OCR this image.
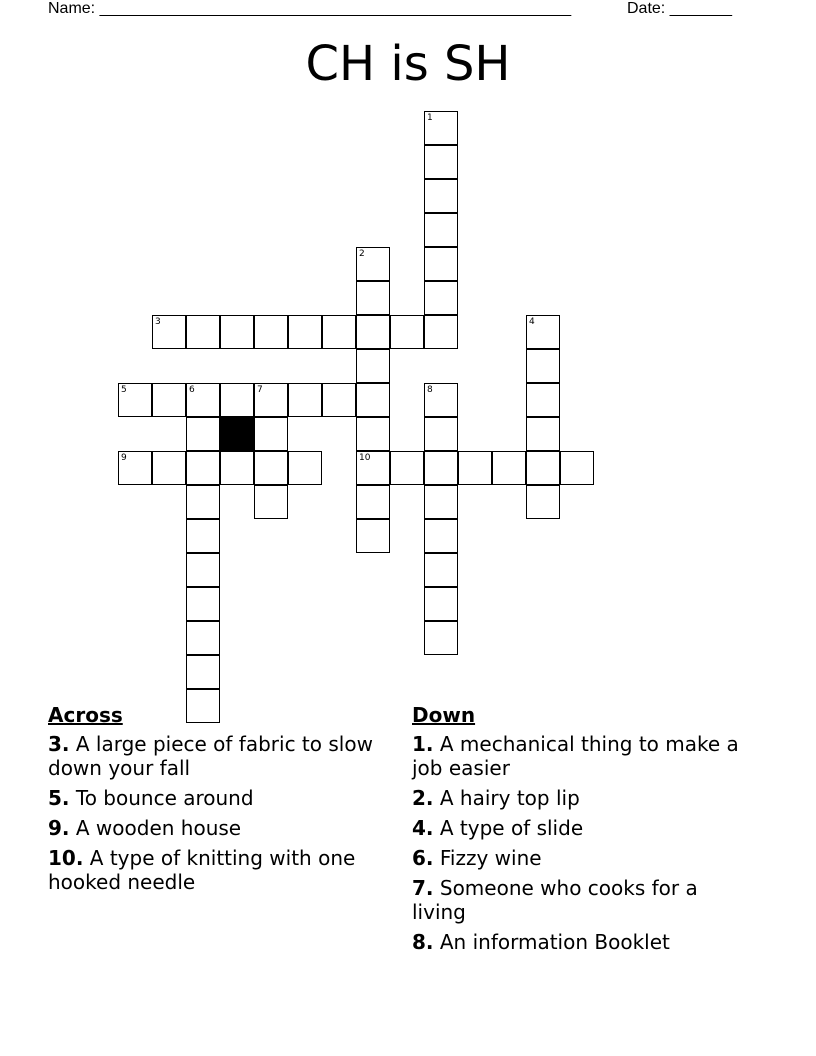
Name: _____________________________________________________	Date: _______
CH is SH
1
2
10
3	4
5	6	7	8
9
Across
3. A large piece of fabric to slow down your fall
5. To bounce around
9. A wooden house
10. A type of knitting with one hooked needle
Down
1. A mechanical thing to make a job easier
2. A hairy top lip
4. A type of slide
6. Fizzy wine
7. Someone who cooks for a living
8. An information Booklet
